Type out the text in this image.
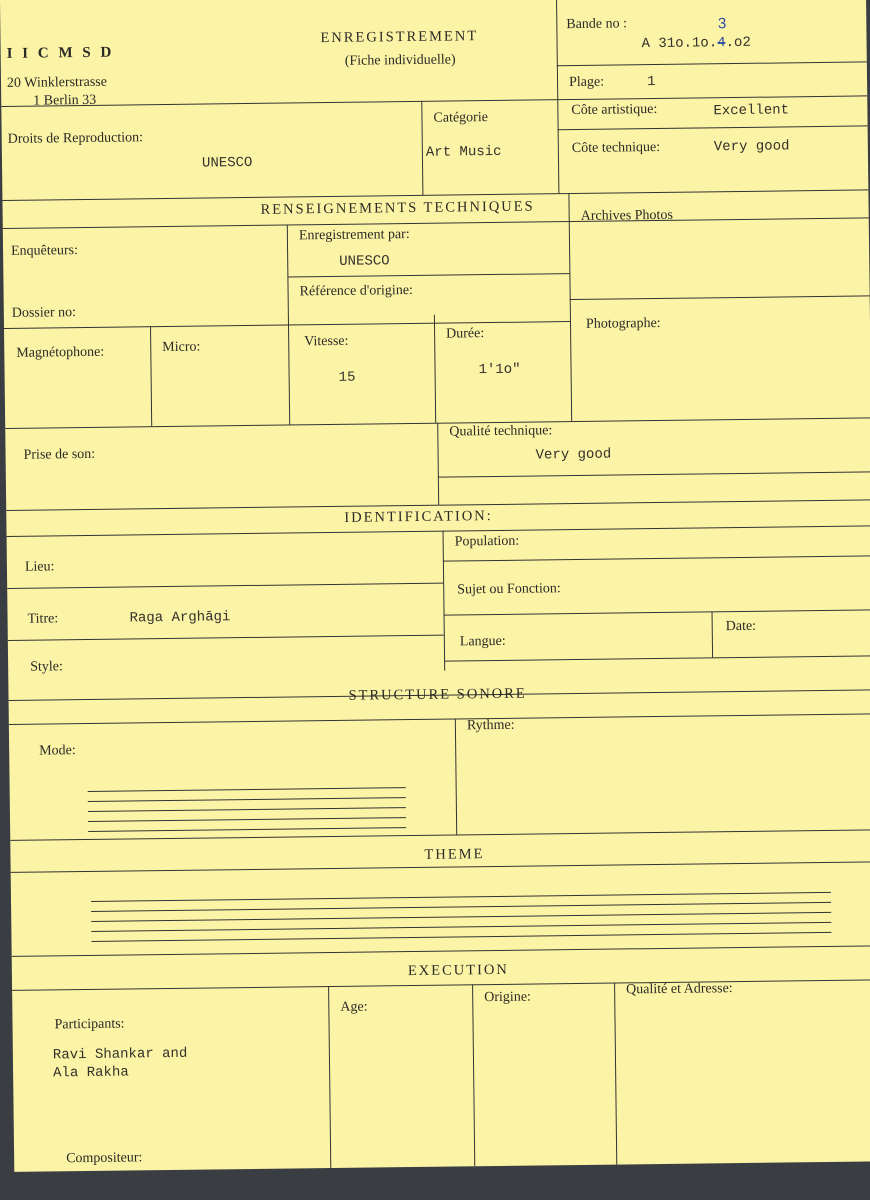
I I C M S D
20 Winklerstrasse
1 Berlin 33
ENREGISTREMENT
(Fiche individuelle)
Bande no :
A 31o.1o.4
3
.o2
Plage:	1
Droits de Reproduction:
UNESCO
Catégorie
Art Music
Côte artistique:	Excellent
Côte technique:	Very good
RENSEIGNEMENTS TECHNIQUES
Enquêteurs:
Dossier no:
Enregistrement par:
UNESCO
Référence d'origine:
Archives Photos
Magnétophone:	Micro:	Vitesse:
15
Durée:
1'1o"
Photographe:
Prise de son:
Qualité technique:
Very good
IDENTIFICATION:
Lieu:
Population:
Titre:	Raga Arghāgi
Sujet ou Fonction:
Langue:
Date:
Style:
STRUCTURE SONORE
Mode:
Rythme:
THEME
EXECUTION
Participants:
Ravi Shankar and
Ala Rakha
Age:
Origine:	Qualité et Adresse:
Compositeur:
